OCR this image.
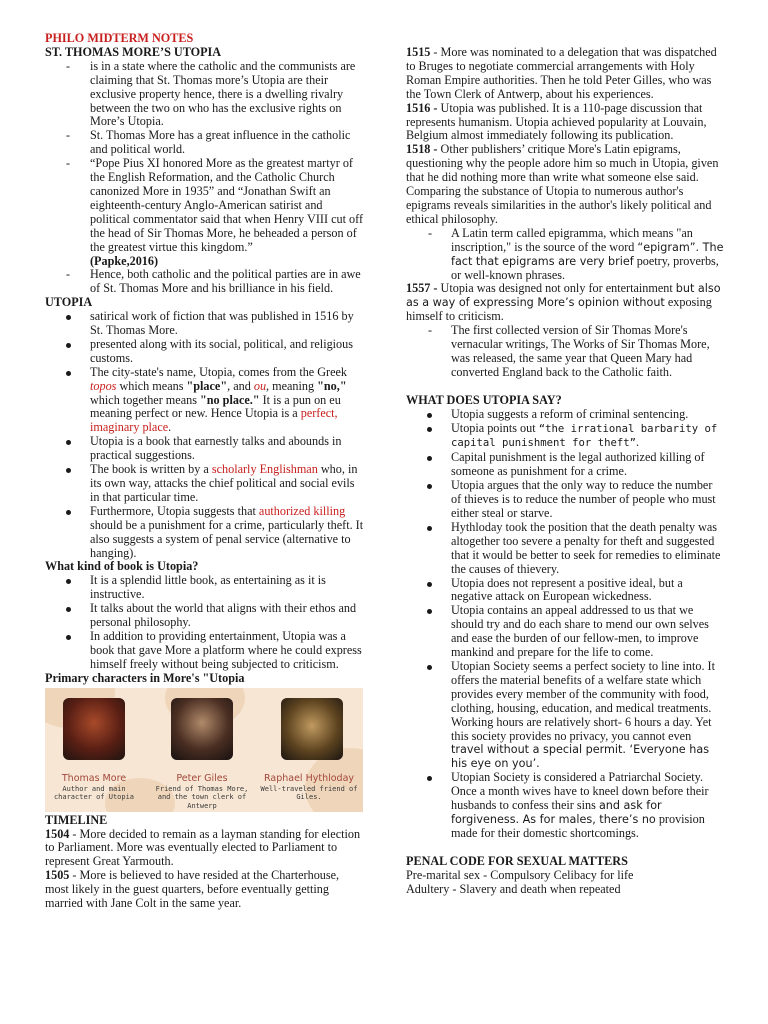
PHILO MIDTERM NOTES
ST. THOMAS MORE’S UTOPIA
- is in a state where the catholic and the communists are claiming that St. Thomas more’s Utopia are their exclusive property hence, there is a dwelling rivalry between the two on who has the exclusive rights on More’s Utopia.
- St. Thomas More has a great influence in the catholic and political world.
- “Pope Pius XI honored More as the greatest martyr of the English Reformation, and the Catholic Church canonized More in 1935” and “Jonathan Swift an eighteenth-century Anglo-American satirist and political commentator said that when Henry VIII cut off the head of Sir Thomas More, he beheaded a person of the greatest virtue this kingdom.”
(Papke,2016)
- Hence, both catholic and the political parties are in awe of St. Thomas More and his brilliance in his field.
UTOPIA
satirical work of fiction that was published in 1516 by St. Thomas More.
presented along with its social, political, and religious customs.
The city-state's name, Utopia, comes from the Greek topos which means "place", and ou, meaning "no," which together means "no place." It is a pun on eu meaning perfect or new. Hence Utopia is a perfect, imaginary place.
Utopia is a book that earnestly talks and abounds in practical suggestions.
The book is written by a scholarly Englishman who, in its own way, attacks the chief political and social evils in that particular time.
Furthermore, Utopia suggests that authorized killing should be a punishment for a crime, particularly theft. It also suggests a system of penal service (alternative to hanging).
What kind of book is Utopia?
It is a splendid little book, as entertaining as it is instructive.
It talks about the world that aligns with their ethos and personal philosophy.
In addition to providing entertainment, Utopia was a book that gave More a platform where he could express himself freely without being subjected to criticism.
Primary characters in More's "Utopia
Thomas More
Author and main character of Utopia
Peter Giles
Friend of Thomas More, and the town clerk of Antwerp
Raphael Hythloday
Well-traveled friend of Giles.
TIMELINE
1504 - More decided to remain as a layman standing for election to Parliament. More was eventually elected to Parliament to represent Great Yarmouth.
1505 - More is believed to have resided at the Charterhouse, most likely in the guest quarters, before eventually getting married with Jane Colt in the same year.
1515 - More was nominated to a delegation that was dispatched to Bruges to negotiate commercial arrangements with Holy Roman Empire authorities. Then he told Peter Gilles, who was the Town Clerk of Antwerp, about his experiences.
1516 - Utopia was published. It is a 110-page discussion that represents humanism. Utopia achieved popularity at Louvain, Belgium almost immediately following its publication.
1518 - Other publishers’ critique More's Latin epigrams, questioning why the people adore him so much in Utopia, given that he did nothing more than write what someone else said. Comparing the substance of Utopia to numerous author's epigrams reveals similarities in the author's likely political and ethical philosophy.
- A Latin term called epigramma, which means "an inscription," is the source of the word “epigram”. The fact that epigrams are very brief poetry, proverbs, or well-known phrases.
1557 - Utopia was designed not only for entertainment but also as a way of expressing More’s opinion without exposing himself to criticism.
- The first collected version of Sir Thomas More's vernacular writings, The Works of Sir Thomas More, was released, the same year that Queen Mary had converted England back to the Catholic faith.
WHAT DOES UTOPIA SAY?
Utopia suggests a reform of criminal sentencing.
Utopia points out “the irrational barbarity of capital punishment for theft”.
Capital punishment is the legal authorized killing of someone as punishment for a crime.
Utopia argues that the only way to reduce the number of thieves is to reduce the number of people who must either steal or starve.
Hythloday took the position that the death penalty was altogether too severe a penalty for theft and suggested that it would be better to seek for remedies to eliminate the causes of thievery.
Utopia does not represent a positive ideal, but a negative attack on European wickedness.
Utopia contains an appeal addressed to us that we should try and do each share to mend our own selves and ease the burden of our fellow-men, to improve mankind and prepare for the life to come.
Utopian Society seems a perfect society to line into. It offers the material benefits of a welfare state which provides every member of the community with food, clothing, housing, education, and medical treatments. Working hours are relatively short- 6 hours a day. Yet this society provides no privacy, you cannot even travel without a special permit. ‘Everyone has his eye on you’.
Utopian Society is considered a Patriarchal Society. Once a month wives have to kneel down before their husbands to confess their sins and ask for forgiveness. As for males, there’s no provision made for their domestic shortcomings.
PENAL CODE FOR SEXUAL MATTERS
Pre-marital sex - Compulsory Celibacy for life
Adultery - Slavery and death when repeated
